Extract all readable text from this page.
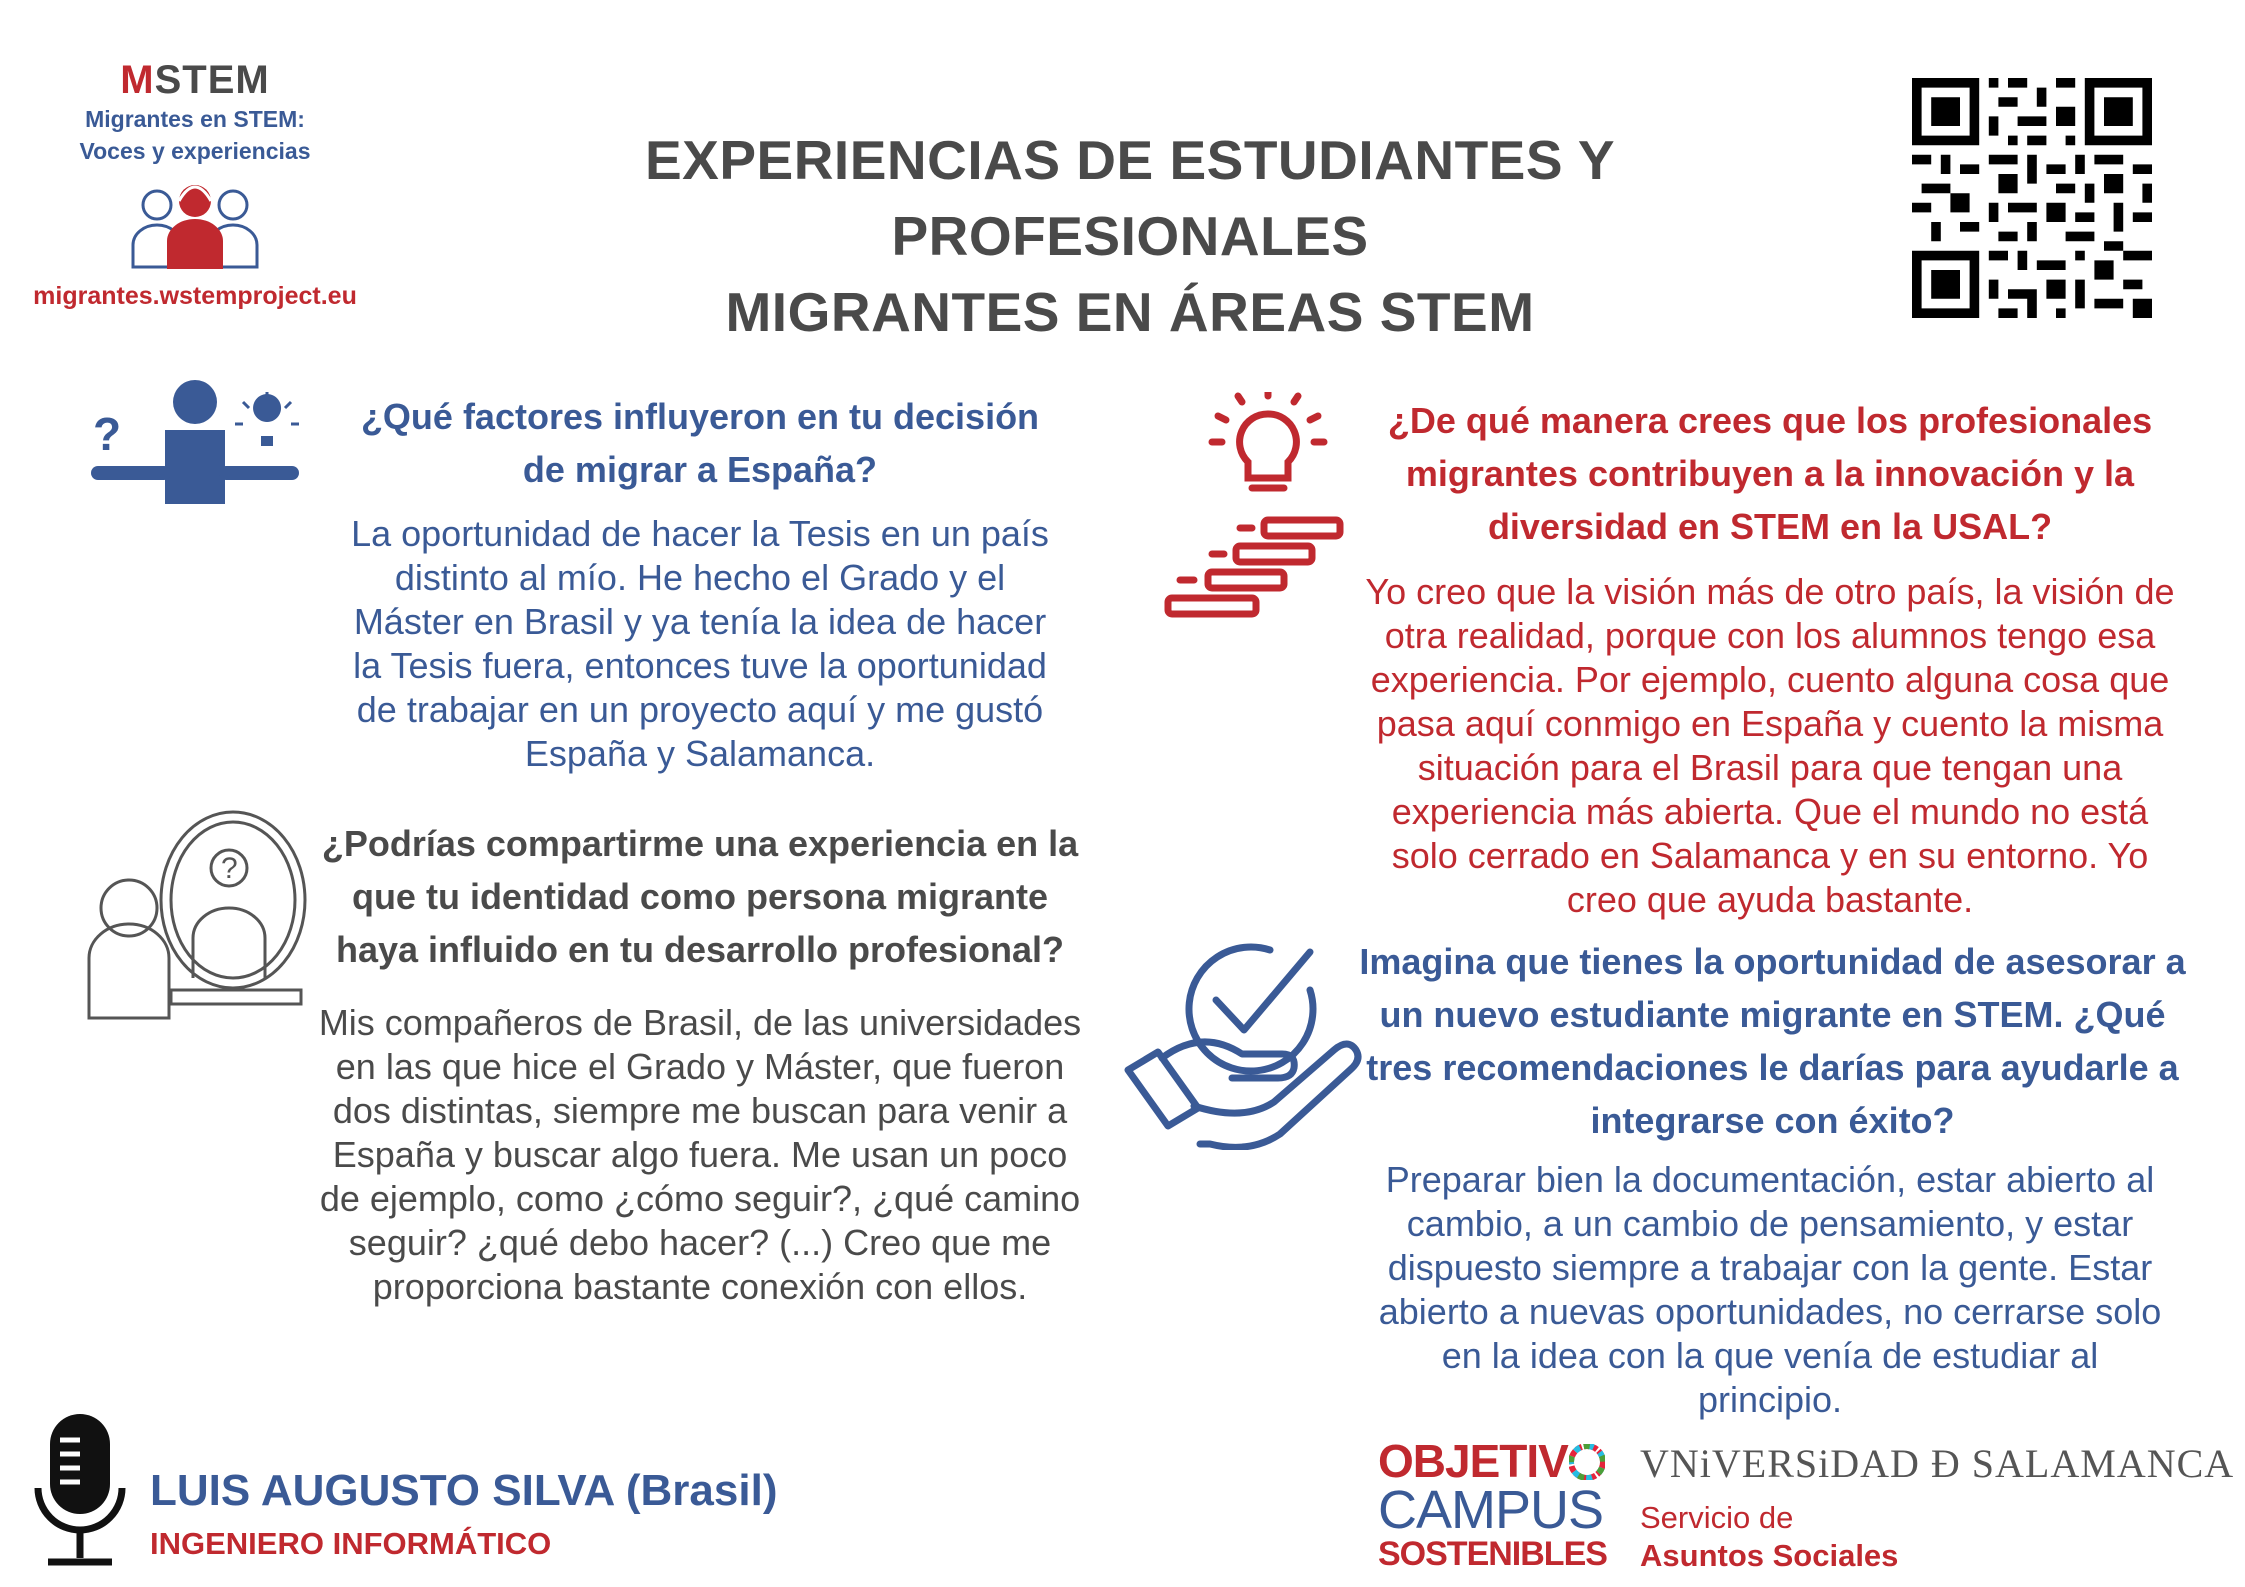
MSTEM
Migrantes en STEM:
Voces y experiencias
migrantes.wstemproject.eu
EXPERIENCIAS DE ESTUDIANTES Y PROFESIONALES
MIGRANTES EN ÁREAS STEM
?	¿Qué factores influyeron en tu decisión de migrar a España?
La oportunidad de hacer la Tesis en un país distinto al mío. He hecho el Grado y el Máster en Brasil y ya tenía la idea de hacer la Tesis fuera, entonces tuve la oportunidad de trabajar en un proyecto aquí y me gustó España y Salamanca.
?
¿Podrías compartirme una experiencia en la que tu identidad como persona migrante haya influido en tu desarrollo profesional?
Mis compañeros de Brasil, de las universidades en las que hice el Grado y Máster, que fueron dos distintas, siempre me buscan para venir a España y buscar algo fuera. Me usan un poco de ejemplo, como ¿cómo seguir?, ¿qué camino seguir? ¿qué debo hacer? (...) Creo que me proporciona bastante conexión con ellos.
¿De qué manera crees que los profesionales migrantes contribuyen a la innovación y la diversidad en STEM en la USAL?
Yo creo que la visión más de otro país, la visión de otra realidad, porque con los alumnos tengo esa experiencia. Por ejemplo, cuento alguna cosa que pasa aquí conmigo en España y cuento la misma situación para el Brasil para que tengan una experiencia más abierta. Que el mundo no está solo cerrado en Salamanca y en su entorno. Yo creo que ayuda bastante.
Imagina que tienes la oportunidad de asesorar a un nuevo estudiante migrante en STEM. ¿Qué tres recomendaciones le darías para ayudarle a integrarse con éxito?
Preparar bien la documentación, estar abierto al cambio, a un cambio de pensamiento, y estar dispuesto siempre a trabajar con la gente. Estar abierto a nuevas oportunidades, no cerrarse solo en la idea con la que venía de estudiar al principio.
LUIS AUGUSTO SILVA (Brasil)
INGENIERO INFORMÁTICO
OBJETIV
CAMPUS
SOSTENIBLES
VNiVERSiDAD Ð SALAMANCA
Servicio de
Asuntos Sociales
